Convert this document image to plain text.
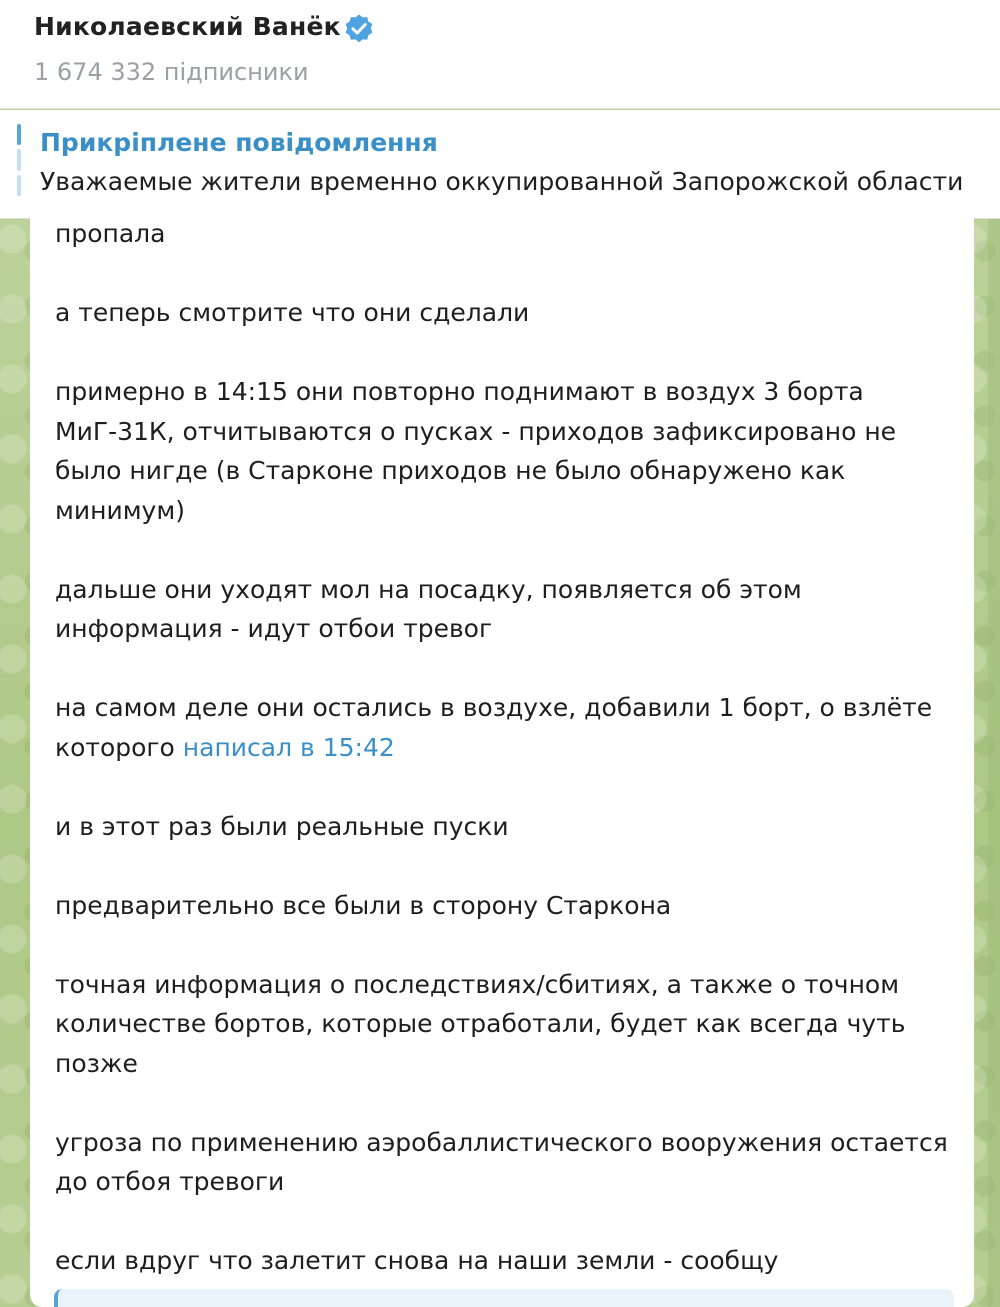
Николаевский Ванёк
1 674 332 підписники
Прикріплене повідомлення
Уважаемые жители временно оккупированной Запорожской области

пропала

а теперь смотрите что они сделали

примерно в 14:15 они повторно поднимают в воздух 3 борта МиГ-31К, отчитываются о пусках - приходов зафиксировано не было нигде (в Старконе приходов не было обнаружено как минимум)

дальше они уходят мол на посадку, появляется об этом информация - идут отбои тревог

на самом деле они остались в воздухе, добавили 1 борт, о взлёте которого написал в 15:42

и в этот раз были реальные пуски

предварительно все были в сторону Старкона

точная информация о последствиях/сбитиях, а также о точном количестве бортов, которые отработали, будет как всегда чуть позже

угроза по применению аэробаллистического вооружения остается до отбоя тревоги

если вдруг что залетит снова на наши земли - сообщу
